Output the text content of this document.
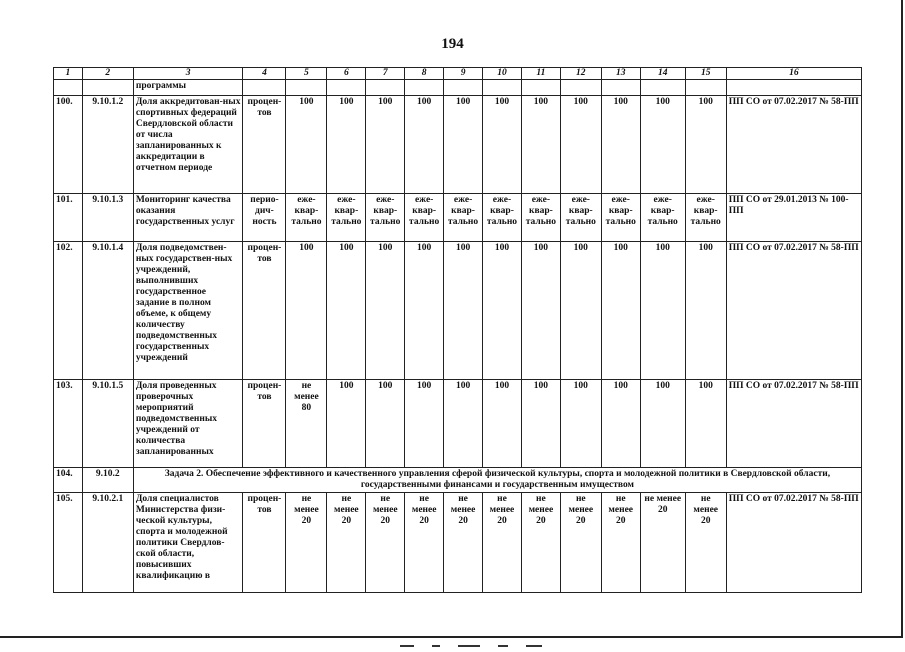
194
1	2	3	4	5	6	7	8	9	10	11	12	13	14	15	16
		программы													
100.	9.10.1.2	Доля аккредитован-ных спортивных федераций Свердловской области от числа запланированных к аккредитации в отчетном периоде	процен-тов	100	100	100	100	100	100	100	100	100	100	100	ПП СО от 07.02.2017 № 58-ПП
101.	9.10.1.3	Мониторинг качества оказания государственных услуг	перио-дич-ность	еже-квар-тально	еже-квар-тально	еже-квар-тально	еже-квар-тально	еже-квар-тально	еже-квар-тально	еже-квар-тально	еже-квар-тально	еже-квар-тально	еже-квар-тально	еже-квар-тально	ПП СО от 29.01.2013 № 100-ПП
102.	9.10.1.4	Доля подведомствен-ных государствен-ных учреждений, выполнивших государственное задание в полном объеме, к общему количеству подведомственных государственных учреждений	процен-тов	100	100	100	100	100	100	100	100	100	100	100	ПП СО от 07.02.2017 № 58-ПП
103.	9.10.1.5	Доля проведенных проверочных мероприятий подведомственных учреждений от количества запланированных	процен-тов	не менее 80	100	100	100	100	100	100	100	100	100	100	ПП СО от 07.02.2017 № 58-ПП
104.	9.10.2	Задача 2. Обеспечение эффективного и качественного управления сферой физической культуры, спорта и молодежной политики в Свердловской области, государственными финансами и государственным имуществом													
105.	9.10.2.1	Доля специалистов Министерства физи-ческой культуры, спорта и молодежной политики Свердлов-ской области, повысивших квалификацию в	процен-тов	не менее 20	не менее 20	не менее 20	не менее 20	не менее 20	не менее 20	не менее 20	не менее 20	не менее 20	не менее 20	не менее 20	ПП СО от 07.02.2017 № 58-ПП
